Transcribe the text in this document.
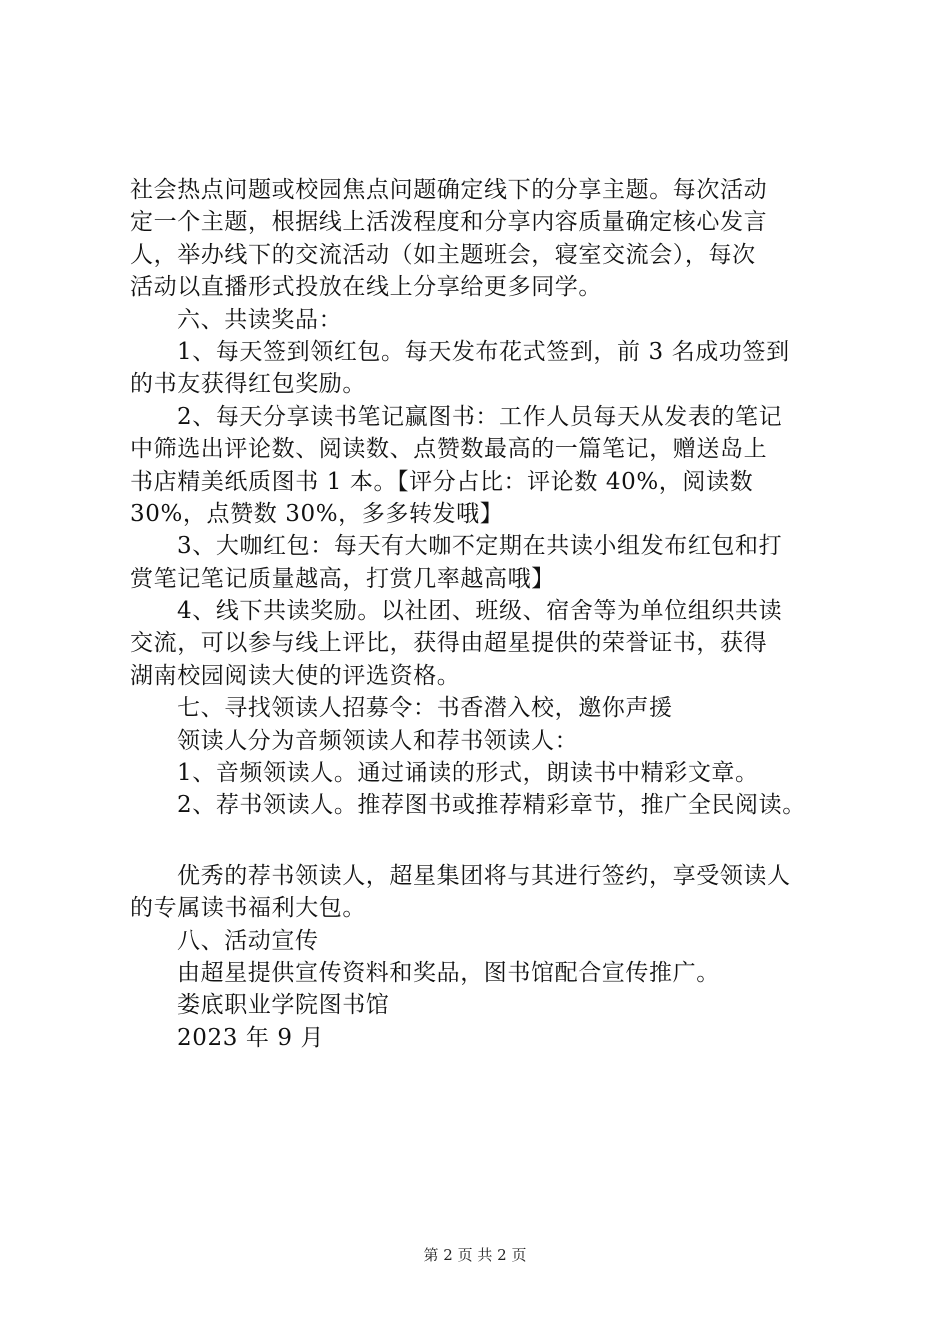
社会热点问题或校园焦点问题确定线下的分享主题。每次活动
定一个主题，根据线上活泼程度和分享内容质量确定核心发言
人，举办线下的交流活动（如主题班会，寝室交流会），每次
活动以直播形式投放在线上分享给更多同学。
六、共读奖品：
1、每天签到领红包。每天发布花式签到，前 3 名成功签到
的书友获得红包奖励。
2、每天分享读书笔记赢图书：工作人员每天从发表的笔记
中筛选出评论数、阅读数、点赞数最高的一篇笔记，赠送岛上
书店精美纸质图书 1 本。【评分占比：评论数 40%，阅读数
30%，点赞数 30%，多多转发哦】
3、大咖红包：每天有大咖不定期在共读小组发布红包和打
赏笔记笔记质量越高，打赏几率越高哦】
4、线下共读奖励。以社团、班级、宿舍等为单位组织共读
交流，可以参与线上评比，获得由超星提供的荣誉证书，获得
湖南校园阅读大使的评选资格。
七、寻找领读人招募令：书香潜入校，邀你声援
领读人分为音频领读人和荐书领读人：
1、音频领读人。通过诵读的形式，朗读书中精彩文章。
2、荐书领读人。推荐图书或推荐精彩章节，推广全民阅读。
优秀的荐书领读人，超星集团将与其进行签约，享受领读人
的专属读书福利大包。
八、活动宣传
由超星提供宣传资料和奖品，图书馆配合宣传推广。
娄底职业学院图书馆
2023 年 9 月
第 2 页 共 2 页
